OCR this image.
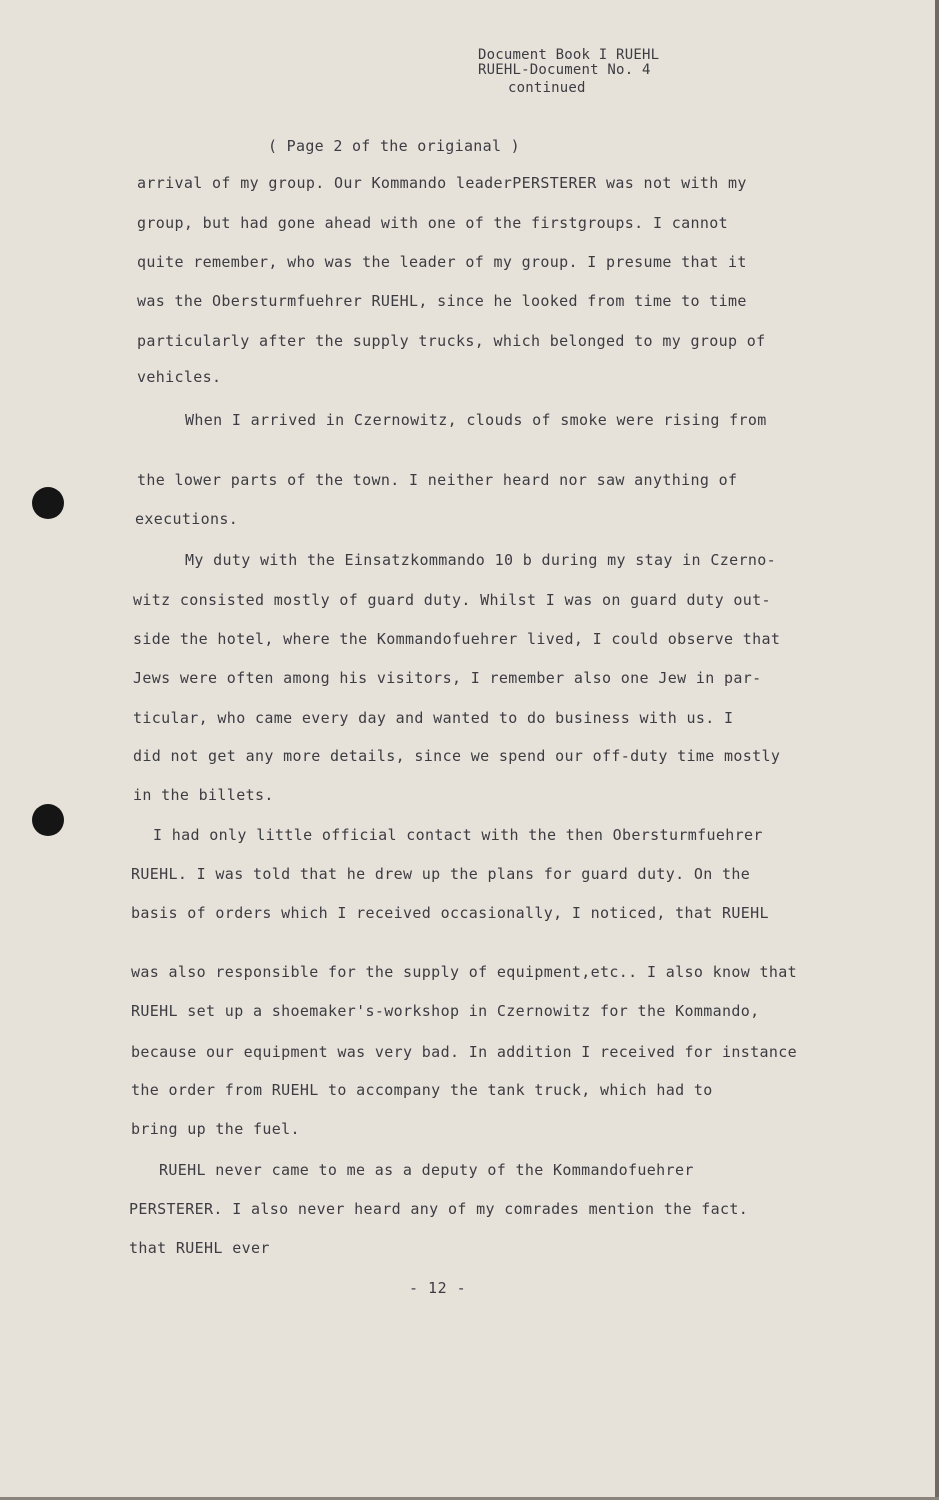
Document Book I RUEHL
RUEHL-Document No. 4
continued
( Page 2 of the origianal )
arrival of my group. Our Kommando leaderPERSTERER was not with my
group, but had gone ahead with one of the firstgroups. I cannot
quite remember, who was the leader of my group. I presume that it
was the Obersturmfuehrer RUEHL, since he looked from time to time
particularly after the supply trucks, which belonged to my group of
vehicles.
When I arrived in Czernowitz, clouds of smoke were rising from
the lower parts of the town. I neither heard nor saw anything of
executions.
My duty with the Einsatzkommando 10 b during my stay in Czerno-
witz consisted mostly of guard duty. Whilst I was on guard duty out-
side the hotel, where the Kommandofuehrer lived, I could observe that
Jews were often among his visitors, I remember also one Jew in par-
ticular, who came every day and wanted to do business with us. I
did not get any more details, since we spend our off-duty time mostly
in the billets.
I had only little official contact with the then Obersturmfuehrer
RUEHL. I was told that he drew up the plans for guard duty. On the
basis of orders which I received occasionally, I noticed, that RUEHL
was also responsible for the supply of equipment,etc.. I also know that
RUEHL set up a shoemaker's-workshop in Czernowitz for the Kommando,
because our equipment was very bad. In addition I received for instance
the order from RUEHL to accompany the tank truck, which had to
bring up the fuel.
RUEHL never came to me as a deputy of the Kommandofuehrer
PERSTERER. I also never heard any of my comrades mention the fact.
that RUEHL ever
- 12 -
